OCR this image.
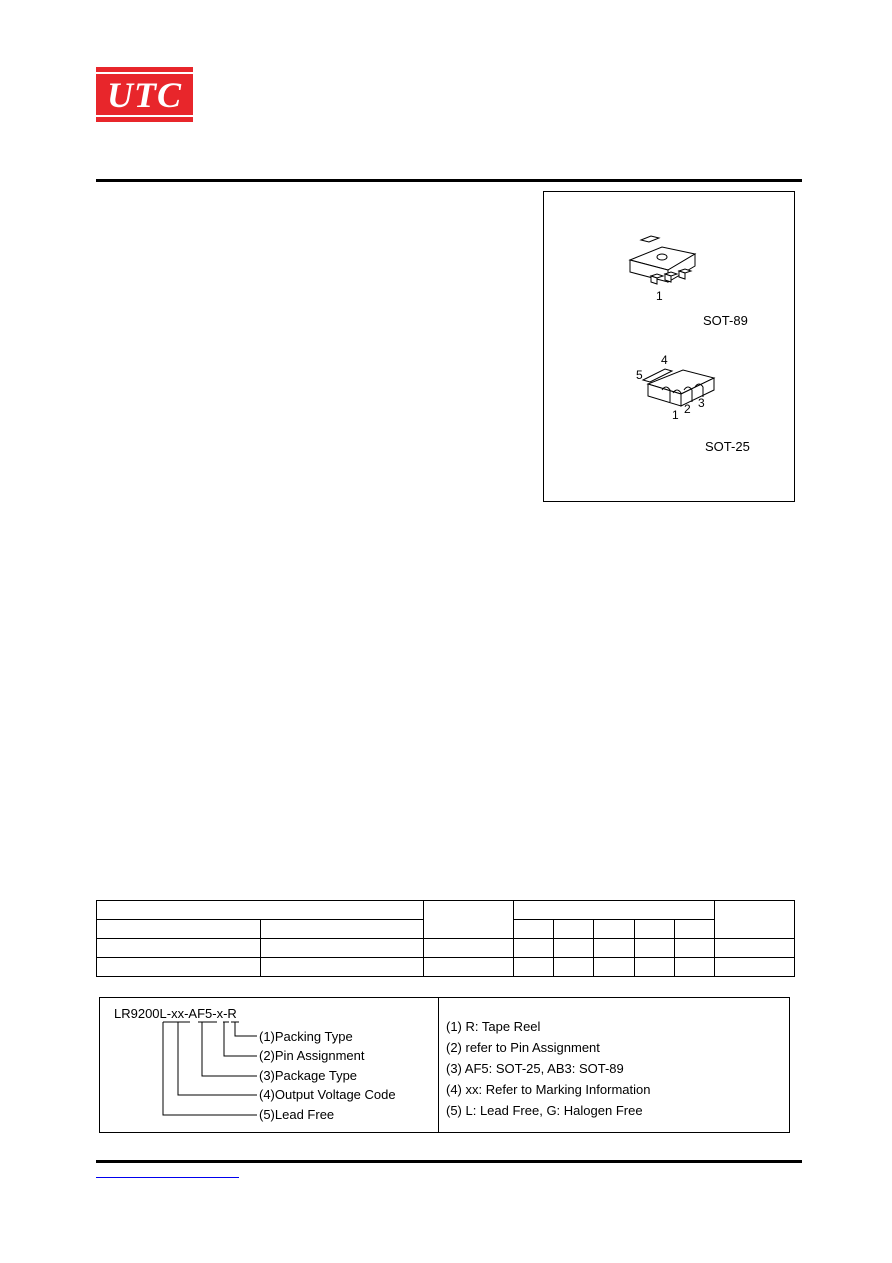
UTC
1
SOT-89
4
5
1 2 3
SOT-25

LR9200L-xx-AF5-x-R
(1)Packing Type
(2)Pin Assignment
(3)Package Type
(4)Output Voltage Code
(5)Lead Free
(1) R: Tape Reel
(2) refer to Pin Assignment
(3) AF5: SOT-25, AB3: SOT-89
(4) xx: Refer to Marking Information
(5) L: Lead Free, G: Halogen Free
